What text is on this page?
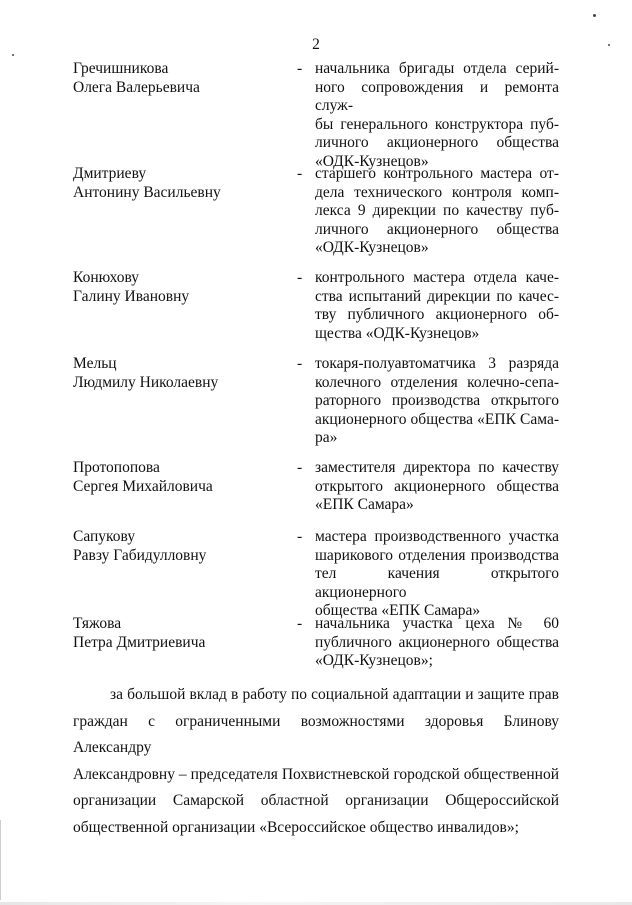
2
Гречишникова
Олега Валерьевича
- начальника бригады отдела серий-
ного сопровождения и ремонта служ-
бы генерального конструктора пуб-
личного акционерного общества
«ОДК-Кузнецов»
Дмитриеву
Антонину Васильевну
- старшего контрольного мастера от-
дела технического контроля комп-
лекса 9 дирекции по качеству пуб-
личного акционерного общества
«ОДК-Кузнецов»
Конюхову
Галину Ивановну
- контрольного мастера отдела каче-
ства испытаний дирекции по качес-
тву публичного акционерного об-
щества «ОДК-Кузнецов»
Мельц
Людмилу Николаевну
- токаря-полуавтоматчика 3 разряда
колечного отделения колечно-сепа-
раторного производства открытого
акционерного общества «ЕПК Сама-
ра»
Протопопова
Сергея Михайловича
- заместителя директора по качеству
открытого акционерного общества
«ЕПК Самара»
Сапукову
Равзу Габидулловну
- мастера производственного участка
шарикового отделения производства
тел качения открытого акционерного
общества «ЕПК Самара»
Тяжова
Петра Дмитриевича
- начальника участка цеха № 60
публичного акционерного общества
«ОДК-Кузнецов»;
за большой вклад в работу по социальной адаптации и защите прав
граждан с ограниченными возможностями здоровья Блинову Александру
Александровну – председателя Похвистневской городской общественной
организации Самарской областной организации Общероссийской
общественной организации «Всероссийское общество инвалидов»;
